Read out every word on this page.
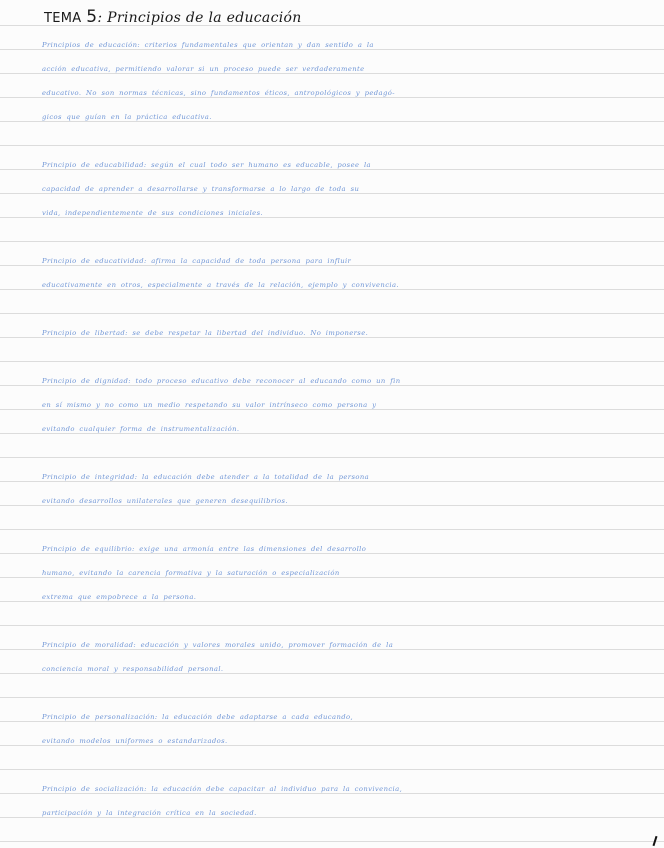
TEMA 5: Principios de la educación
Principios de educación: criterios fundamentales que orientan y dan sentido a la
acción educativa, permitiendo valorar si un proceso puede ser verdaderamente
educativo. No son normas técnicas, sino fundamentos éticos, antropológicos y pedagó-
gicos que guían en la práctica educativa.
Principio de educabilidad: según el cual todo ser humano es educable, posee la
capacidad de aprender a desarrollarse y transformarse a lo largo de toda su
vida, independientemente de sus condiciones iniciales.
Principio de educatividad: afirma la capacidad de toda persona para influir
educativamente en otros, especialmente a través de la relación, ejemplo y convivencia.
Principio de libertad: se debe respetar la libertad del individuo. No imponerse.
Principio de dignidad: todo proceso educativo debe reconocer al educando como un fin
en sí mismo y no como un medio respetando su valor intrínseco como persona y
evitando cualquier forma de instrumentalización.
Principio de integridad: la educación debe atender a la totalidad de la persona
evitando desarrollos unilaterales que generen desequilibrios.
Principio de equilibrio: exige una armonía entre las dimensiones del desarrollo
humano, evitando la carencia formativa y la saturación o especialización
extrema que empobrece a la persona.
Principio de moralidad: educación y valores morales unido, promover formación de la
conciencia moral y responsabilidad personal.
Principio de personalización: la educación debe adaptarse a cada educando,
evitando modelos uniformes o estandarizados.
Principio de socialización: la educación debe capacitar al individuo para la convivencia,
participación y la integración crítica en la sociedad.
